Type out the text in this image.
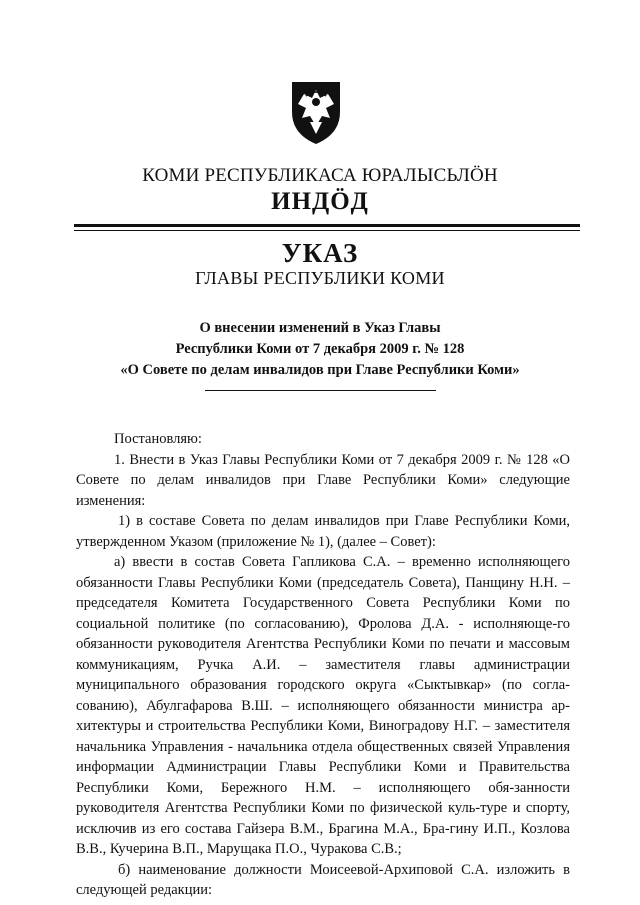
КОМИ РЕСПУБЛИКАСА ЮРАЛЫСЬЛÖН
ИНДÖД
УКАЗ
ГЛАВЫ РЕСПУБЛИКИ КОМИ
О внесении изменений в Указ Главы
Республики Коми от 7 декабря 2009 г. № 128
«О Совете по делам инвалидов при Главе Республики Коми»

Постановляю:

1. Внести в Указ Главы Республики Коми от 7 декабря 2009 г. № 128 «О Совете по делам инвалидов при Главе Республики Коми» следующие изменения:

1) в составе Совета по делам инвалидов при Главе Республики Коми, утвержденном Указом (приложение № 1), (далее – Совет):

а) ввести в состав Совета Гапликова С.А. – временно исполняющего обязанности Главы Республики Коми (председатель Совета), Панщину Н.Н. – председателя Комитета Государственного Совета Республики Коми по социальной политике (по согласованию), Фролова Д.А. - исполняюще-го обязанности руководителя Агентства Республики Коми по печати и массовым коммуникациям, Ручка А.И. – заместителя главы администрации муниципального образования городского округа «Сыктывкар» (по согла-сованию), Абулгафарова В.Ш. – исполняющего обязанности министра ар-хитектуры и строительства Республики Коми, Виноградову Н.Г. – заместителя начальника Управления - начальника отдела общественных связей Управления информации Администрации Главы Республики Коми и Правительства Республики Коми, Бережного Н.М. – исполняющего обя-занности руководителя Агентства Республики Коми по физической куль-туре и спорту, исключив из его состава Гайзера В.М., Брагина М.А., Бра-гину И.П., Козлова В.В., Кучерина В.П., Марущака П.О., Чуракова С.В.;

б) наименование должности Моисеевой-Архиповой С.А. изложить в следующей редакции:
